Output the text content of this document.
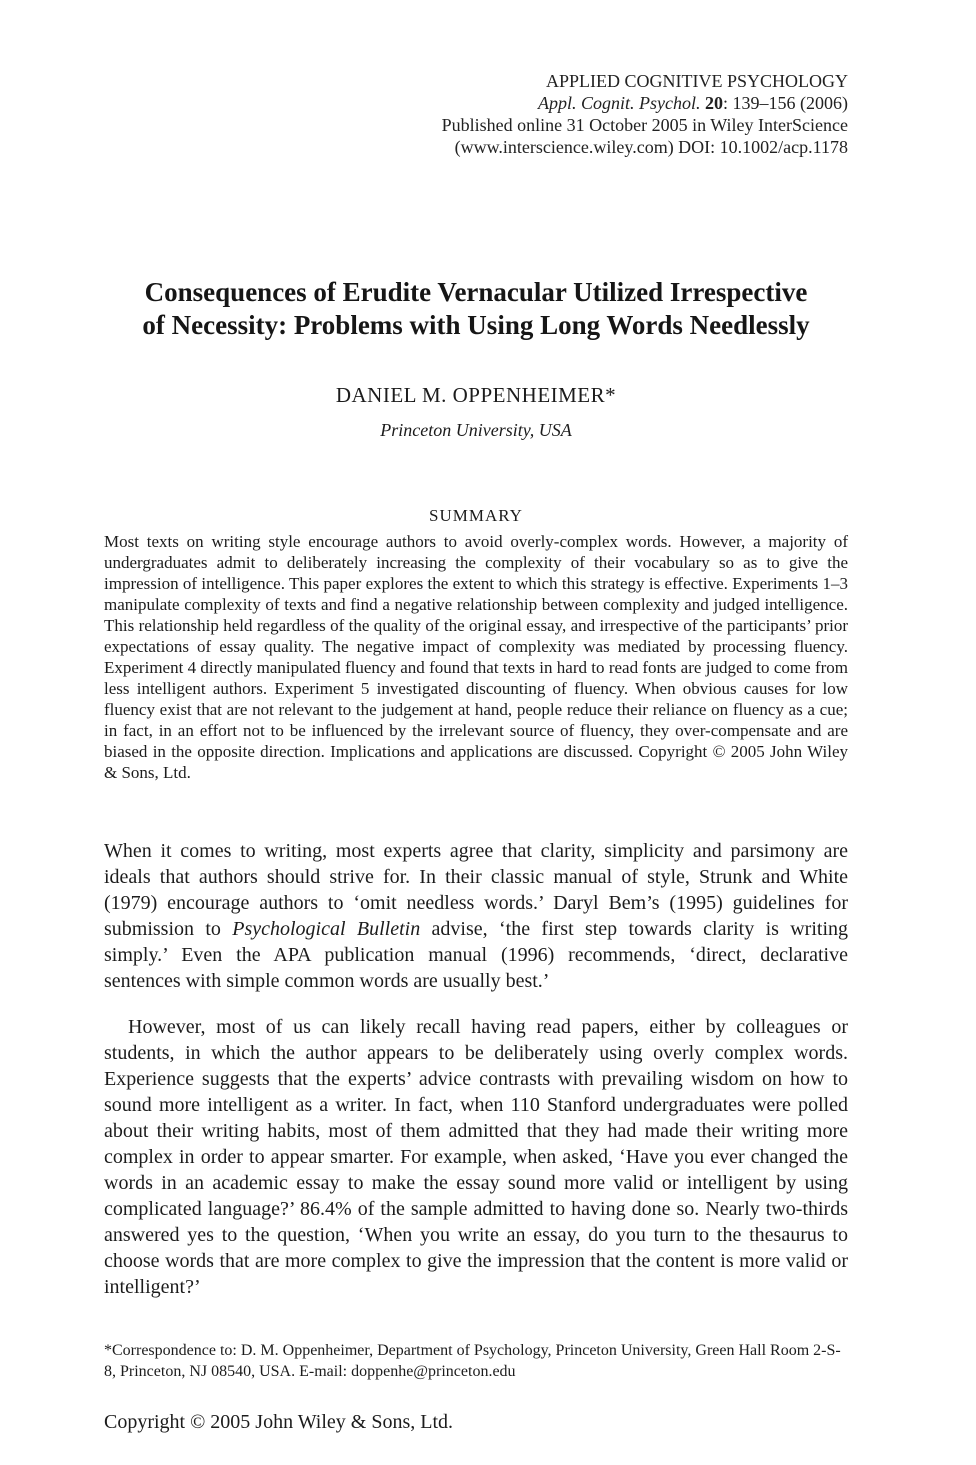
APPLIED COGNITIVE PSYCHOLOGY
Appl. Cognit. Psychol. 20: 139–156 (2006)
Published online 31 October 2005 in Wiley InterScience
(www.interscience.wiley.com) DOI: 10.1002/acp.1178
Consequences of Erudite Vernacular Utilized Irrespective
of Necessity: Problems with Using Long Words Needlessly
DANIEL M. OPPENHEIMER*
Princeton University, USA
SUMMARY
Most texts on writing style encourage authors to avoid overly-complex words. However, a majority of undergraduates admit to deliberately increasing the complexity of their vocabulary so as to give the impression of intelligence. This paper explores the extent to which this strategy is effective. Experiments 1–3 manipulate complexity of texts and find a negative relationship between complexity and judged intelligence. This relationship held regardless of the quality of the original essay, and irrespective of the participants’ prior expectations of essay quality. The negative impact of complexity was mediated by processing fluency. Experiment 4 directly manipulated fluency and found that texts in hard to read fonts are judged to come from less intelligent authors. Experiment 5 investigated discounting of fluency. When obvious causes for low fluency exist that are not relevant to the judgement at hand, people reduce their reliance on fluency as a cue; in fact, in an effort not to be influenced by the irrelevant source of fluency, they over-compensate and are biased in the opposite direction. Implications and applications are discussed. Copyright © 2005 John Wiley & Sons, Ltd.

When it comes to writing, most experts agree that clarity, simplicity and parsimony are ideals that authors should strive for. In their classic manual of style, Strunk and White (1979) encourage authors to ‘omit needless words.’ Daryl Bem’s (1995) guidelines for submission to Psychological Bulletin advise, ‘the first step towards clarity is writing simply.’ Even the APA publication manual (1996) recommends, ‘direct, declarative sentences with simple common words are usually best.’

However, most of us can likely recall having read papers, either by colleagues or students, in which the author appears to be deliberately using overly complex words. Experience suggests that the experts’ advice contrasts with prevailing wisdom on how to sound more intelligent as a writer. In fact, when 110 Stanford undergraduates were polled about their writing habits, most of them admitted that they had made their writing more complex in order to appear smarter. For example, when asked, ‘Have you ever changed the words in an academic essay to make the essay sound more valid or intelligent by using complicated language?’ 86.4% of the sample admitted to having done so. Nearly two-thirds answered yes to the question, ‘When you write an essay, do you turn to the thesaurus to choose words that are more complex to give the impression that the content is more valid or intelligent?’

*Correspondence to: D. M. Oppenheimer, Department of Psychology, Princeton University, Green Hall Room 2-S-8, Princeton, NJ 08540, USA. E-mail: doppenhe@princeton.edu
Copyright © 2005 John Wiley & Sons, Ltd.
